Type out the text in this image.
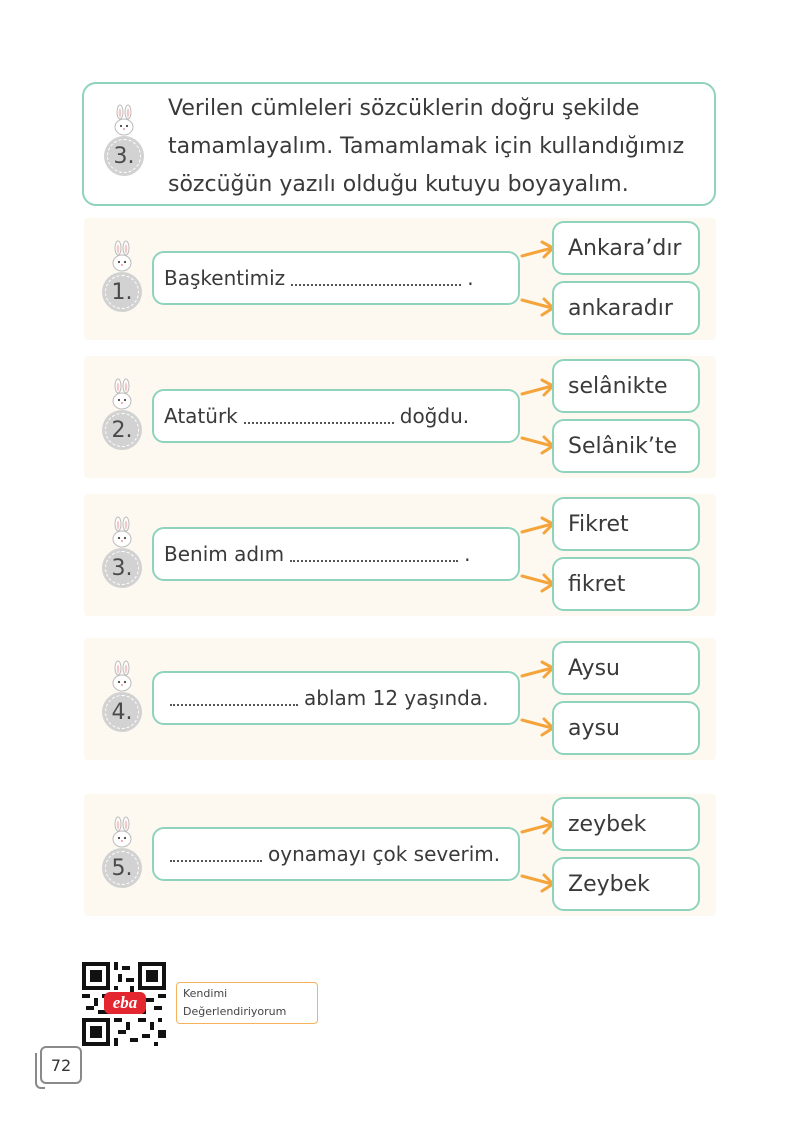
3.
Verilen cümleleri sözcüklerin doğru şekilde tamamlayalım. Tamamlamak için kullandığımız sözcüğün yazılı olduğu kutuyu boyayalım.
1.
Başkentimiz	.
Ankara’dır
ankaradır
2.
Atatürk	doğdu.
selânikte
Selânik’te
3.
Benim adım	.
Fikret
fikret
4.
ablam 12 yaşında.
Aysu
aysu
5.
oynamayı çok severim.
zeybek
Zeybek
eba	Kendimi
Değerlendiriyorum
72
